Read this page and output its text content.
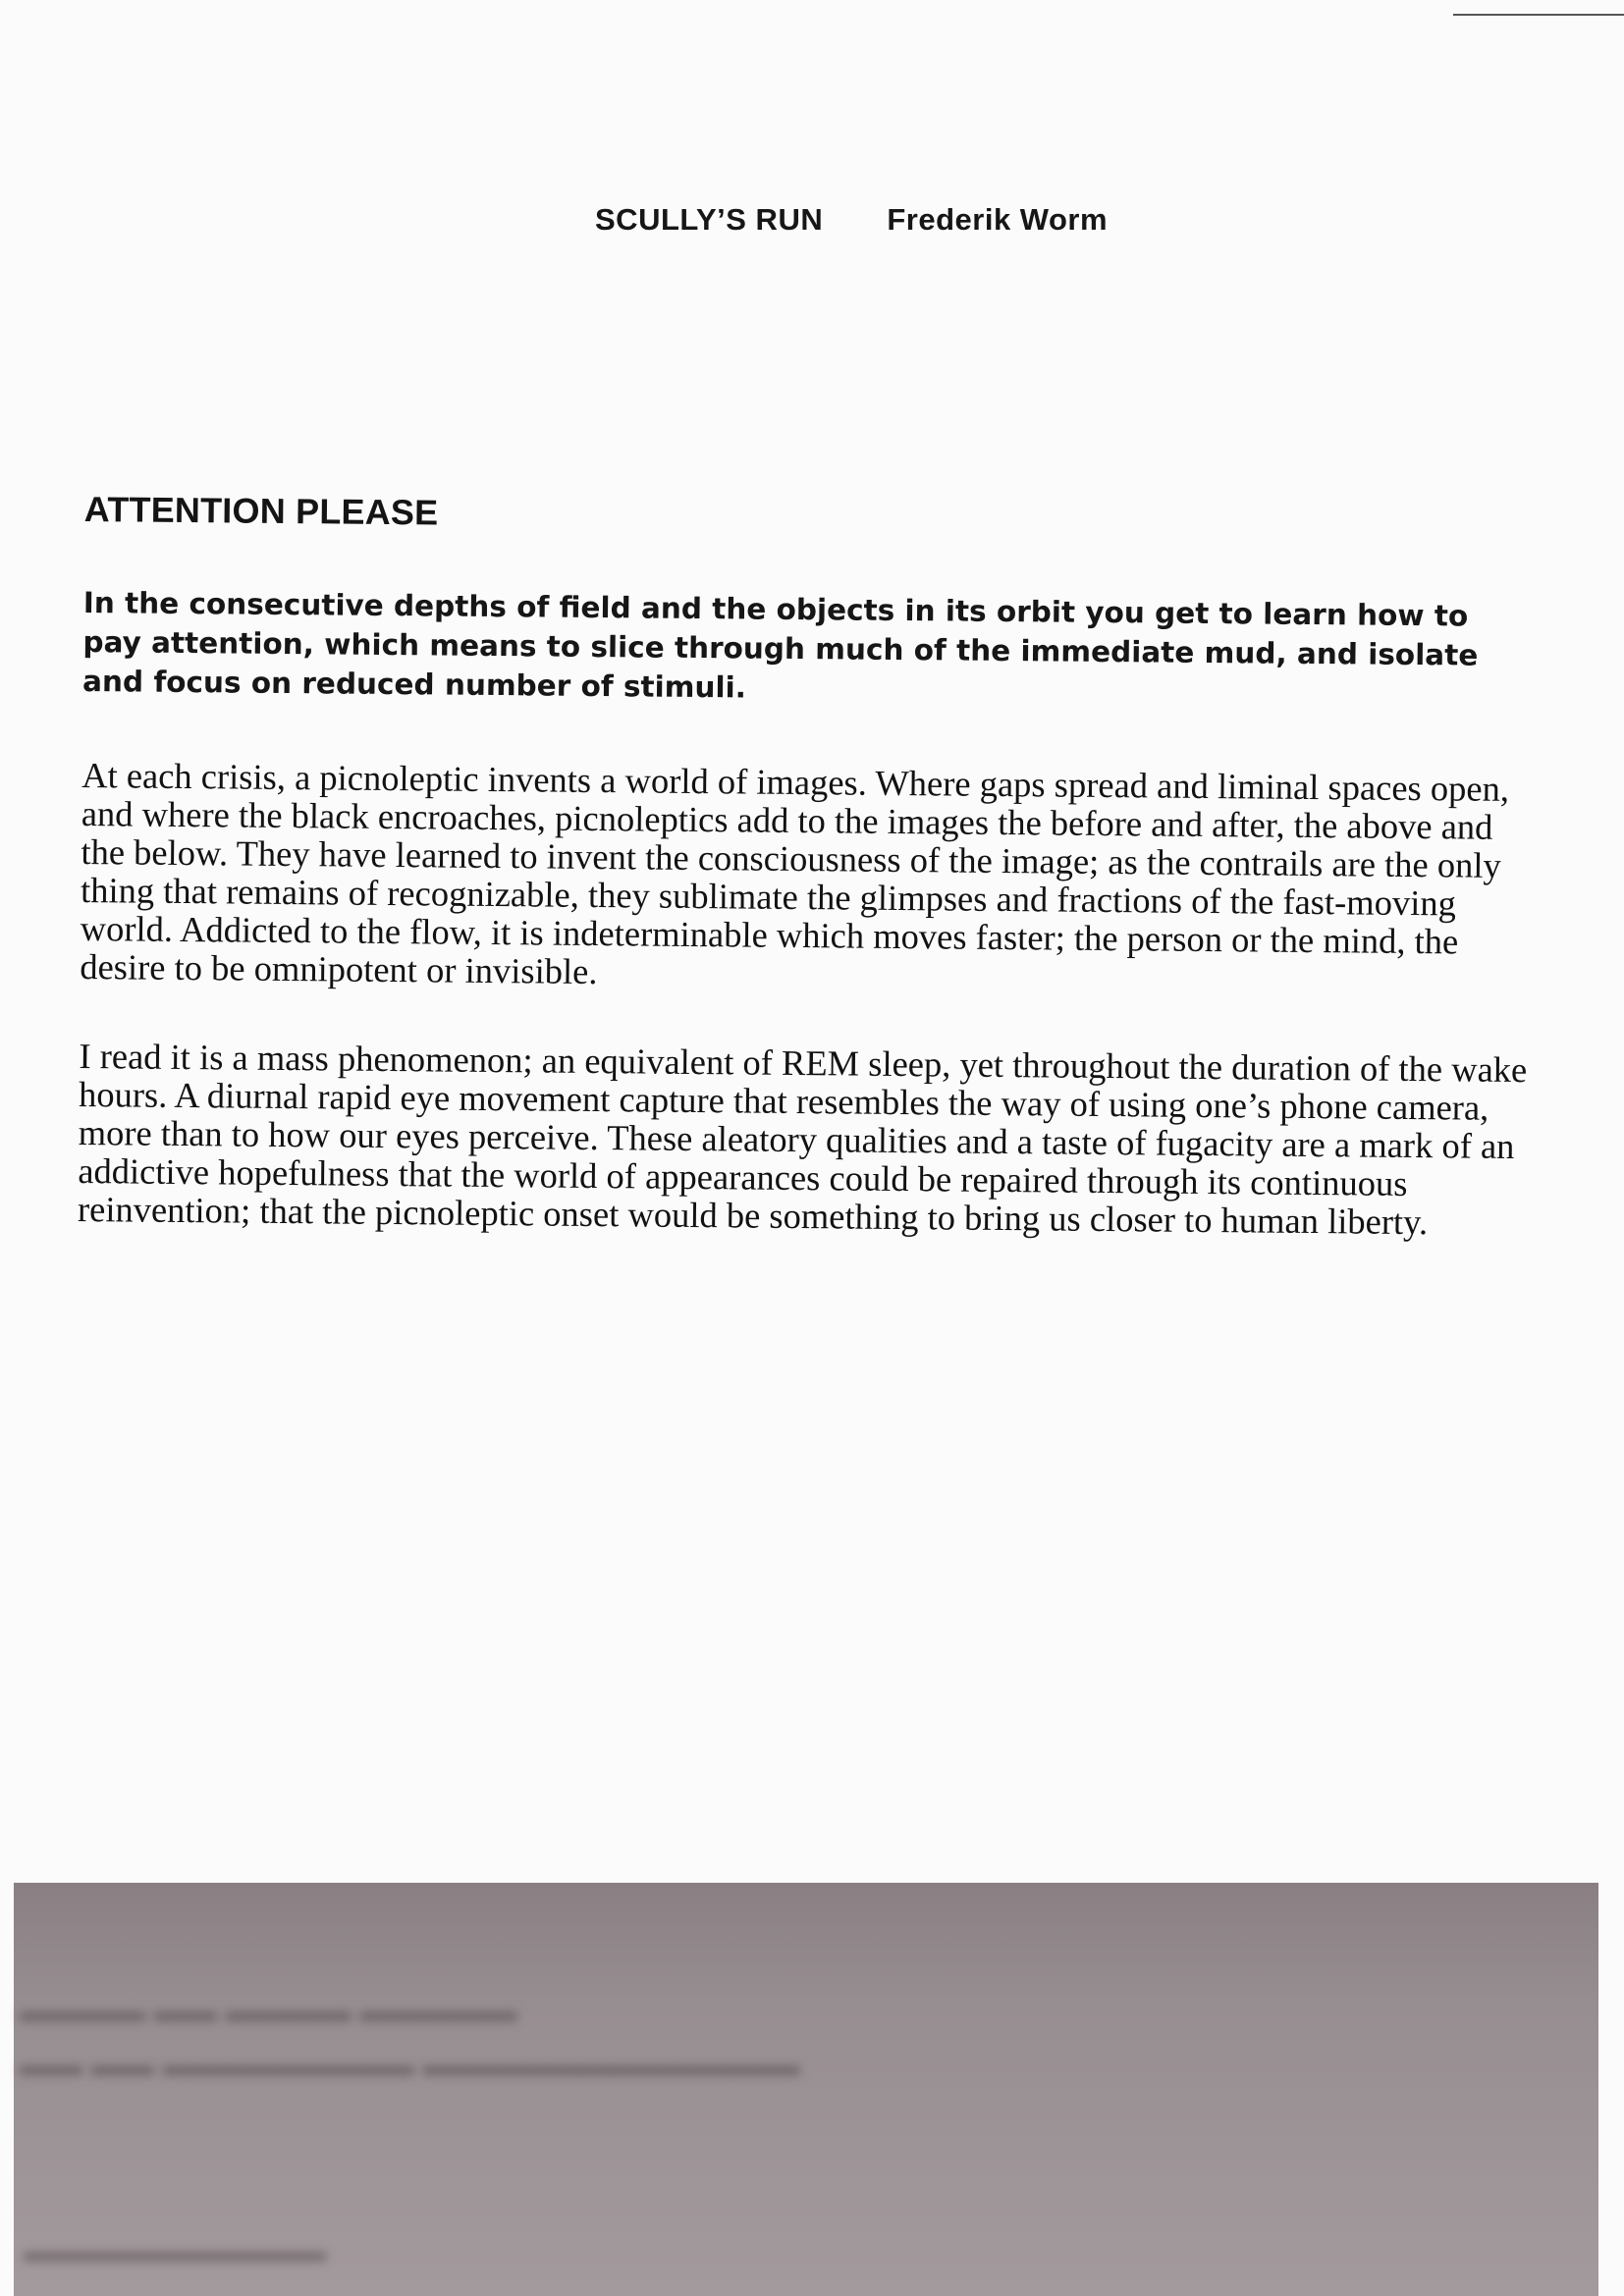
SCULLY’S RUN Frederik Worm
ATTENTION PLEASE

In the consecutive depths of field and the objects in its orbit you get to learn how to pay attention, which means to slice through much of the immediate mud, and isolate and focus on reduced number of stimuli.

At each crisis, a picnoleptic invents a world of images. Where gaps spread and liminal spaces open, and where the black encroaches, picnoleptics add to the images the before and after, the above and the below. They have learned to invent the consciousness of the image; as the contrails are the only thing that remains of recognizable, they sublimate the glimpses and fractions of the fast-moving world. Addicted to the flow, it is indeterminable which moves faster; the person or the mind, the desire to be omnipotent or invisible.

I read it is a mass phenomenon; an equivalent of REM sleep, yet throughout the duration of the wake hours. A diurnal rapid eye movement capture that resembles the way of using one’s phone camera, more than to how our eyes perceive. These aleatory qualities and a taste of fugacity are a mark of an addictive hopefulness that the world of appearances could be repaired through its continuous reinvention; that the picnoleptic onset would be something to bring us closer to human liberty.

▬▬▬▬ ▬▬ ▬▬▬▬ ▬▬▬▬▬
▬▬ ▬▬ ▬▬▬▬▬▬▬▬ ▬▬▬▬▬▬▬▬▬▬▬▬
▬▬▬▬▬▬▬▬▬▬▬
